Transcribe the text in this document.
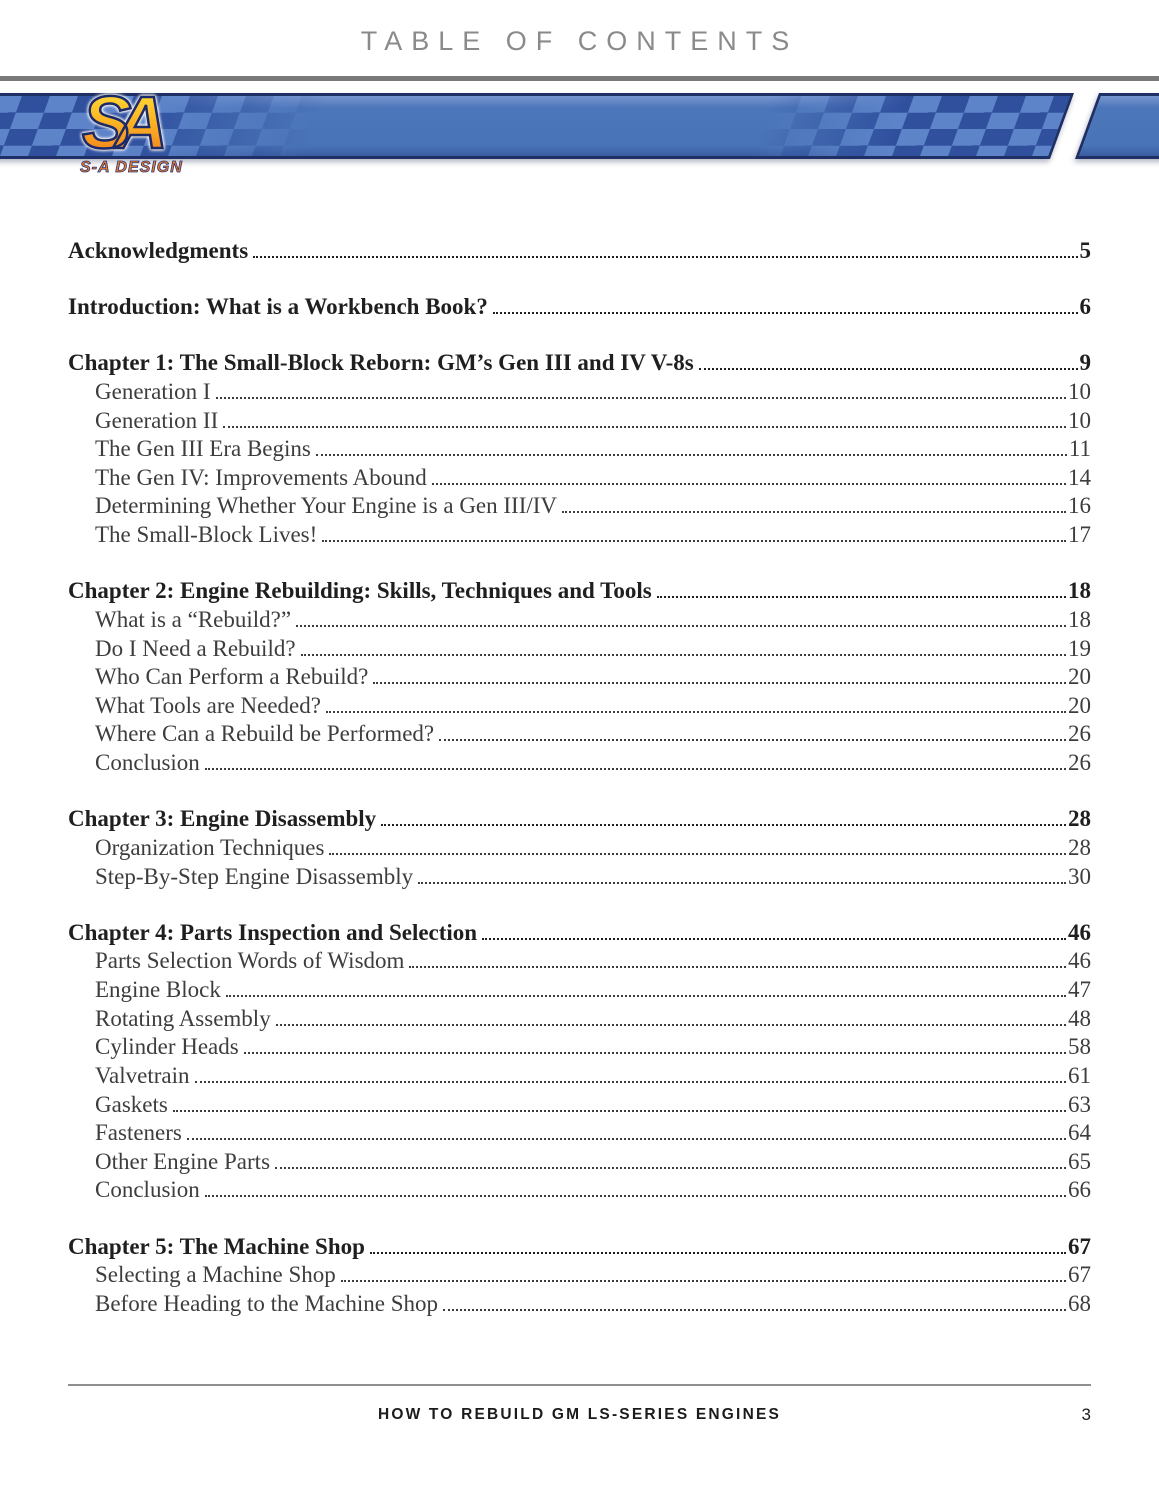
TABLE OF CONTENTS
SA
S-A DESIGN
Acknowledgments	5
Introduction: What is a Workbench Book?	6
Chapter 1: The Small-Block Reborn: GM’s Gen III and IV V-8s	9
Generation I	10
Generation II	10
The Gen III Era Begins	11
The Gen IV: Improvements Abound	14
Determining Whether Your Engine is a Gen III/IV	16
The Small-Block Lives!	17
Chapter 2: Engine Rebuilding: Skills, Techniques and Tools	18
What is a “Rebuild?”	18
Do I Need a Rebuild?	19
Who Can Perform a Rebuild?	20
What Tools are Needed?	20
Where Can a Rebuild be Performed?	26
Conclusion	26
Chapter 3: Engine Disassembly	28
Organization Techniques	28
Step-By-Step Engine Disassembly	30
Chapter 4: Parts Inspection and Selection	46
Parts Selection Words of Wisdom	46
Engine Block	47
Rotating Assembly	48
Cylinder Heads	58
Valvetrain	61
Gaskets	63
Fasteners	64
Other Engine Parts	65
Conclusion	66
Chapter 5: The Machine Shop	67
Selecting a Machine Shop	67
Before Heading to the Machine Shop	68
HOW TO REBUILD GM LS-SERIES ENGINES	3
